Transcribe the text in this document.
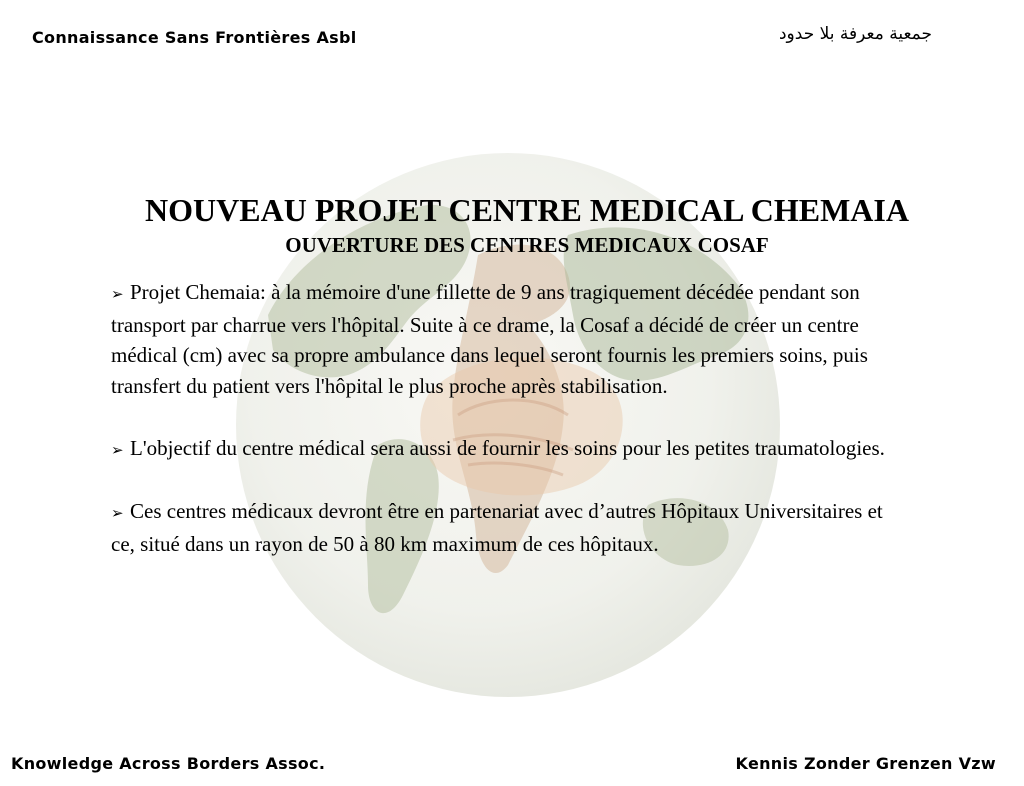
Connaissance Sans Frontières Asbl	جمعية معرفة بلا حدود
NOUVEAU PROJET CENTRE MEDICAL CHEMAIA
OUVERTURE DES CENTRES MEDICAUX COSAF

➢ Projet Chemaia: à la mémoire d'une fillette de 9 ans tragiquement décédée pendant son transport par charrue vers l'hôpital. Suite à ce drame, la Cosaf a décidé de créer un centre médical (cm) avec sa propre ambulance dans lequel seront fournis les premiers soins, puis transfert du patient vers l'hôpital le plus proche après stabilisation.

➢ L'objectif du centre médical sera aussi de fournir les soins pour les petites traumatologies.

➢ Ces centres médicaux devront être en partenariat avec d’autres Hôpitaux Universitaires et ce, situé dans un rayon de 50 à 80 km maximum de ces hôpitaux.

Knowledge Across Borders Assoc.	Kennis Zonder Grenzen Vzw
